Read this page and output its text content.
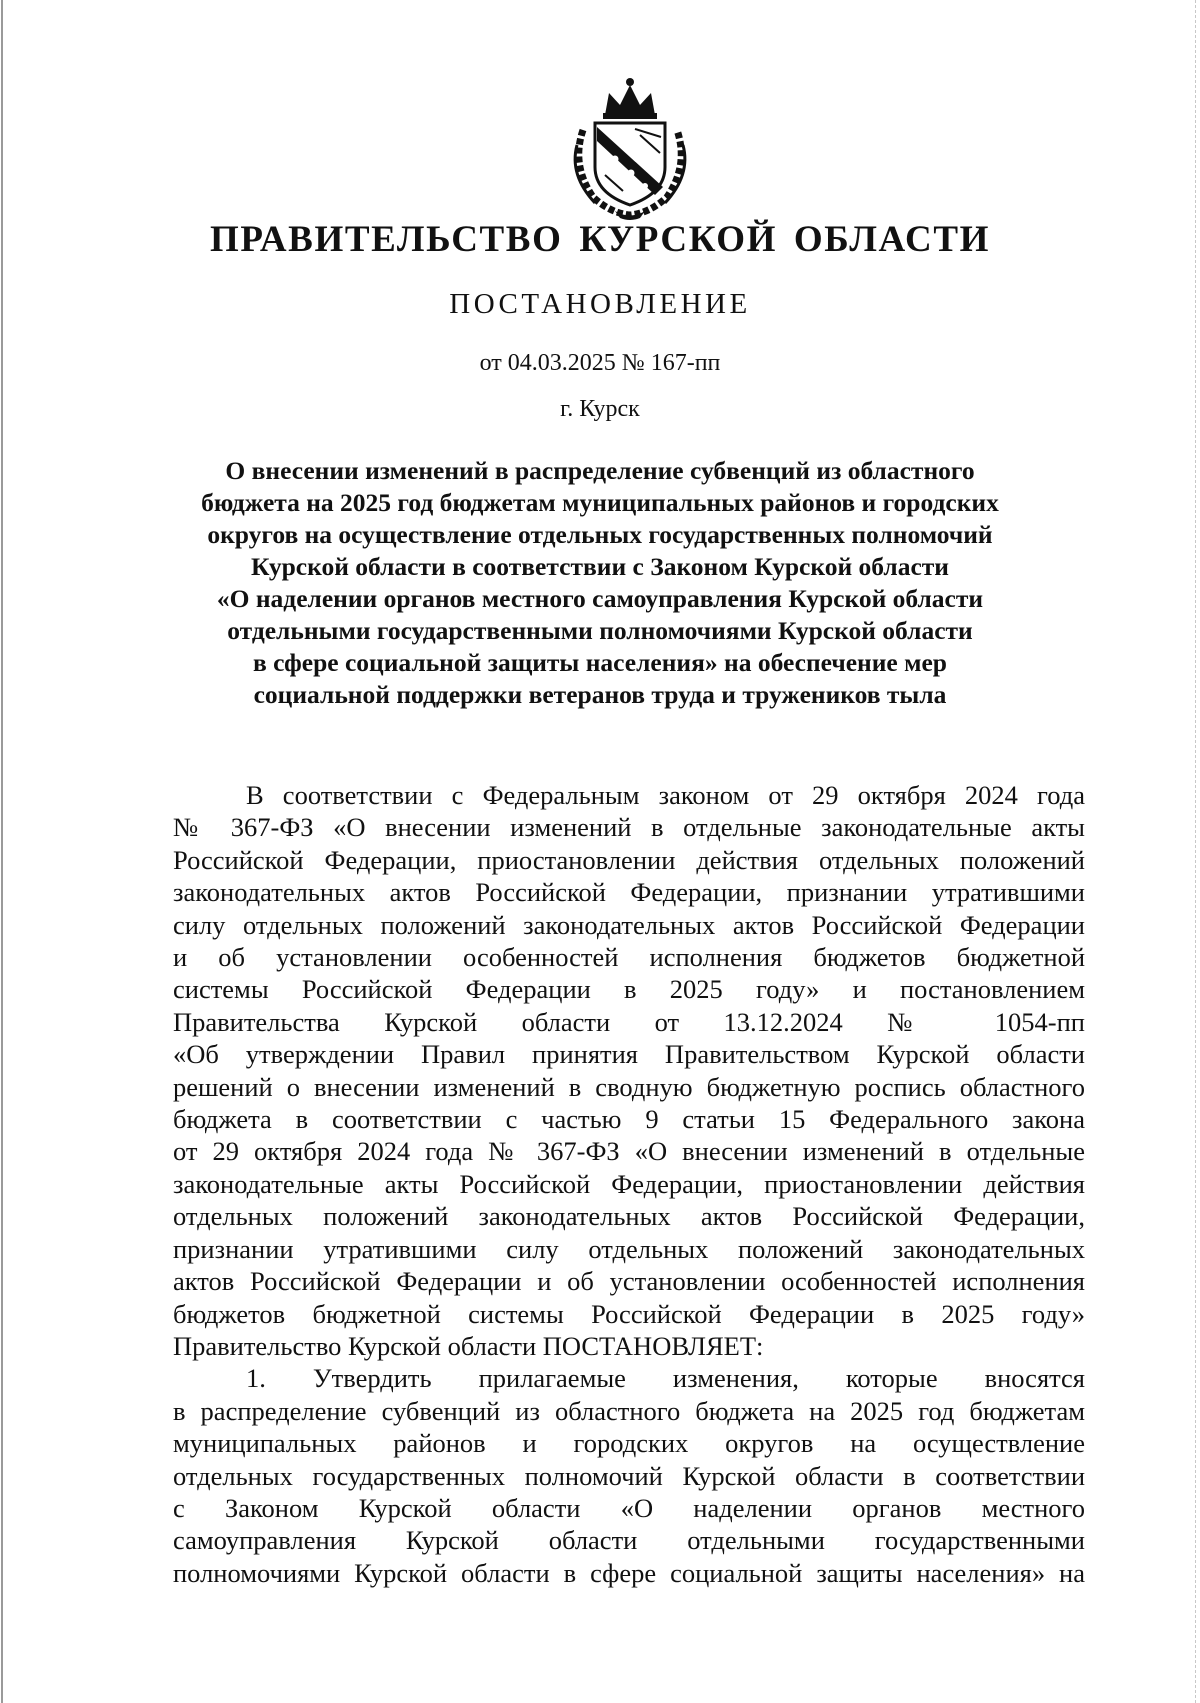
ПРАВИТЕЛЬСТВО КУРСКОЙ ОБЛАСТИ
ПОСТАНОВЛЕНИЕ
от 04.03.2025 № 167-пп
г. Курск
О внесении изменений в распределение субвенций из областного
бюджета на 2025 год бюджетам муниципальных районов и городских
округов на осуществление отдельных государственных полномочий
Курской области в соответствии с Законом Курской области
«О наделении органов местного самоуправления Курской области
отдельными государственными полномочиями Курской области
в сфере социальной защиты населения» на обеспечение мер
социальной поддержки ветеранов труда и тружеников тыла
В соответствии с Федеральным законом от 29 октября 2024 года
№ 367-ФЗ «О внесении изменений в отдельные законодательные акты
Российской Федерации, приостановлении действия отдельных положений
законодательных актов Российской Федерации, признании утратившими
силу отдельных положений законодательных актов Российской Федерации
и об установлении особенностей исполнения бюджетов бюджетной
системы Российской Федерации в 2025 году» и постановлением
Правительства Курской области от 13.12.2024 № 1054-пп
«Об утверждении Правил принятия Правительством Курской области
решений о внесении изменений в сводную бюджетную роспись областного
бюджета в соответствии с частью 9 статьи 15 Федерального закона
от 29 октября 2024 года № 367-ФЗ «О внесении изменений в отдельные
законодательные акты Российской Федерации, приостановлении действия
отдельных положений законодательных актов Российской Федерации,
признании утратившими силу отдельных положений законодательных
актов Российской Федерации и об установлении особенностей исполнения
бюджетов бюджетной системы Российской Федерации в 2025 году»
Правительство Курской области ПОСТАНОВЛЯЕТ:
1. Утвердить прилагаемые изменения, которые вносятся
в распределение субвенций из областного бюджета на 2025 год бюджетам
муниципальных районов и городских округов на осуществление
отдельных государственных полномочий Курской области в соответствии
с Законом Курской области «О наделении органов местного
самоуправления Курской области отдельными государственными
полномочиями Курской области в сфере социальной защиты населения» на
